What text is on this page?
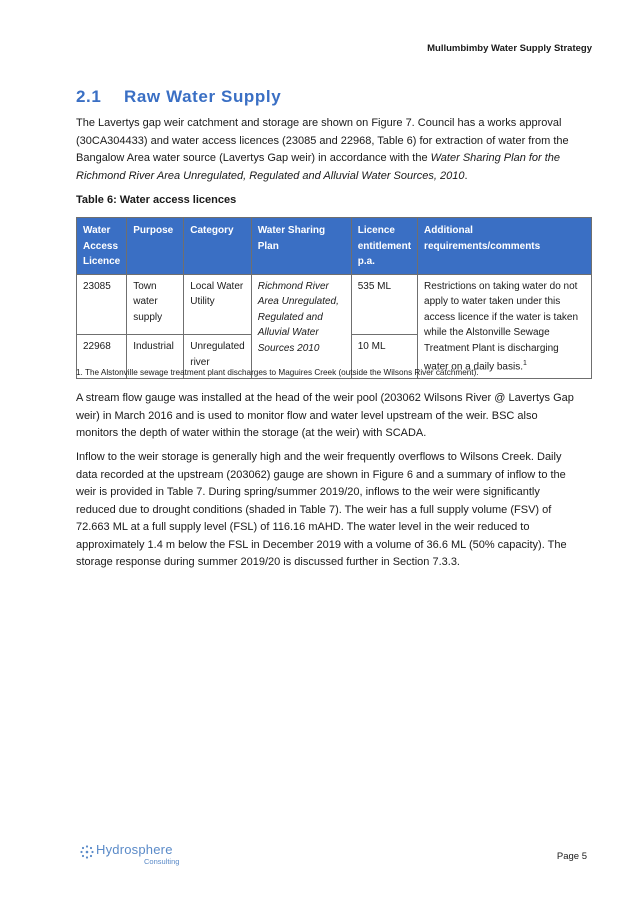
Mullumbimby Water Supply Strategy
2.1 Raw Water Supply
The Lavertys gap weir catchment and storage are shown on Figure 7. Council has a works approval (30CA304433) and water access licences (23085 and 22968, Table 6) for extraction of water from the Bangalow Area water source (Lavertys Gap weir) in accordance with the Water Sharing Plan for the Richmond River Area Unregulated, Regulated and Alluvial Water Sources, 2010.
Table 6: Water access licences
Water Access Licence	Purpose	Category	Water Sharing Plan	Licence entitlement p.a.	Additional requirements/comments
23085	Town water supply	Local Water Utility	Richmond River Area Unregulated, Regulated and Alluvial Water Sources 2010	535 ML	Restrictions on taking water do not apply to water taken under this access licence if the water is taken while the Alstonville Sewage Treatment Plant is discharging water on a daily basis.$^1$
22968	Industrial	Unregulated river		10 ML	
1. The Alstonville sewage treatment plant discharges to Maguires Creek (outside the Wilsons River catchment).
A stream flow gauge was installed at the head of the weir pool (203062 Wilsons River @ Lavertys Gap weir) in March 2016 and is used to monitor flow and water level upstream of the weir. BSC also monitors the depth of water within the storage (at the weir) with SCADA.
Inflow to the weir storage is generally high and the weir frequently overflows to Wilsons Creek. Daily data recorded at the upstream (203062) gauge are shown in Figure 6 and a summary of inflow to the weir is provided in Table 7. During spring/summer 2019/20, inflows to the weir were significantly reduced due to drought conditions (shaded in Table 7). The weir has a full supply volume (FSV) of 72.663 ML at a full supply level (FSL) of 116.16 mAHD. The water level in the weir reduced to approximately 1.4 m below the FSL in December 2019 with a volume of 36.6 ML (50% capacity). The storage response during summer 2019/20 is discussed further in Section 7.3.3.
Hydrosphere
Consulting	Page 5
